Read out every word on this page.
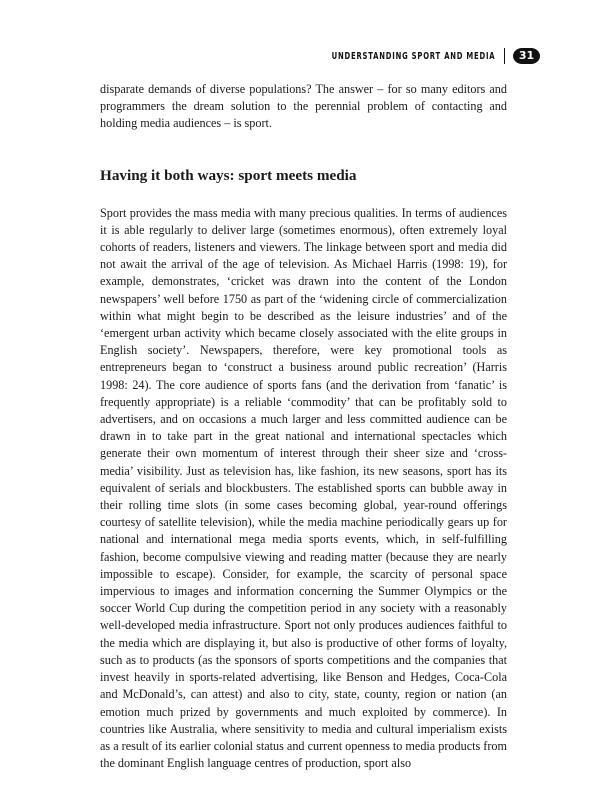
UNDERSTANDING SPORT AND MEDIA	31

disparate demands of diverse populations? The answer – for so many editors and programmers the dream solution to the perennial problem of contacting and holding media audiences – is sport.

Having it both ways: sport meets media

Sport provides the mass media with many precious qualities. In terms of audiences it is able regularly to deliver large (sometimes enormous), often extremely loyal cohorts of readers, listeners and viewers. The linkage between sport and media did not await the arrival of the age of television. As Michael Harris (1998: 19), for example, demonstrates, ‘cricket was drawn into the content of the London newspapers’ well before 1750 as part of the ‘widening circle of commercialization within what might begin to be described as the leisure industries’ and of the ‘emergent urban activity which became closely associated with the elite groups in English society’. Newspapers, therefore, were key promotional tools as entrepreneurs began to ‘construct a business around public recreation’ (Harris 1998: 24). The core audience of sports fans (and the derivation from ‘fanatic’ is frequently appropriate) is a reliable ‘commodity’ that can be profitably sold to advertisers, and on occasions a much larger and less committed audience can be drawn in to take part in the great national and international spectacles which generate their own momentum of interest through their sheer size and ‘cross-media’ visibility. Just as television has, like fashion, its new seasons, sport has its equivalent of serials and blockbusters. The established sports can bubble away in their rolling time slots (in some cases becoming global, year-round offerings courtesy of satellite television), while the media machine periodically gears up for national and international mega media sports events, which, in self-fulfilling fashion, become compulsive viewing and reading matter (because they are nearly impossible to escape). Consider, for example, the scarcity of personal space impervious to images and information concerning the Summer Olympics or the soccer World Cup during the competition period in any society with a reasonably well-developed media infrastructure. Sport not only produces audiences faithful to the media which are displaying it, but also is productive of other forms of loyalty, such as to products (as the sponsors of sports competitions and the companies that invest heavily in sports-related advertising, like Benson and Hedges, Coca-Cola and McDonald’s, can attest) and also to city, state, county, region or nation (an emotion much prized by governments and much exploited by commerce). In countries like Australia, where sensitivity to media and cultural imperialism exists as a result of its earlier colonial status and current openness to media products from the dominant English language centres of production, sport also
